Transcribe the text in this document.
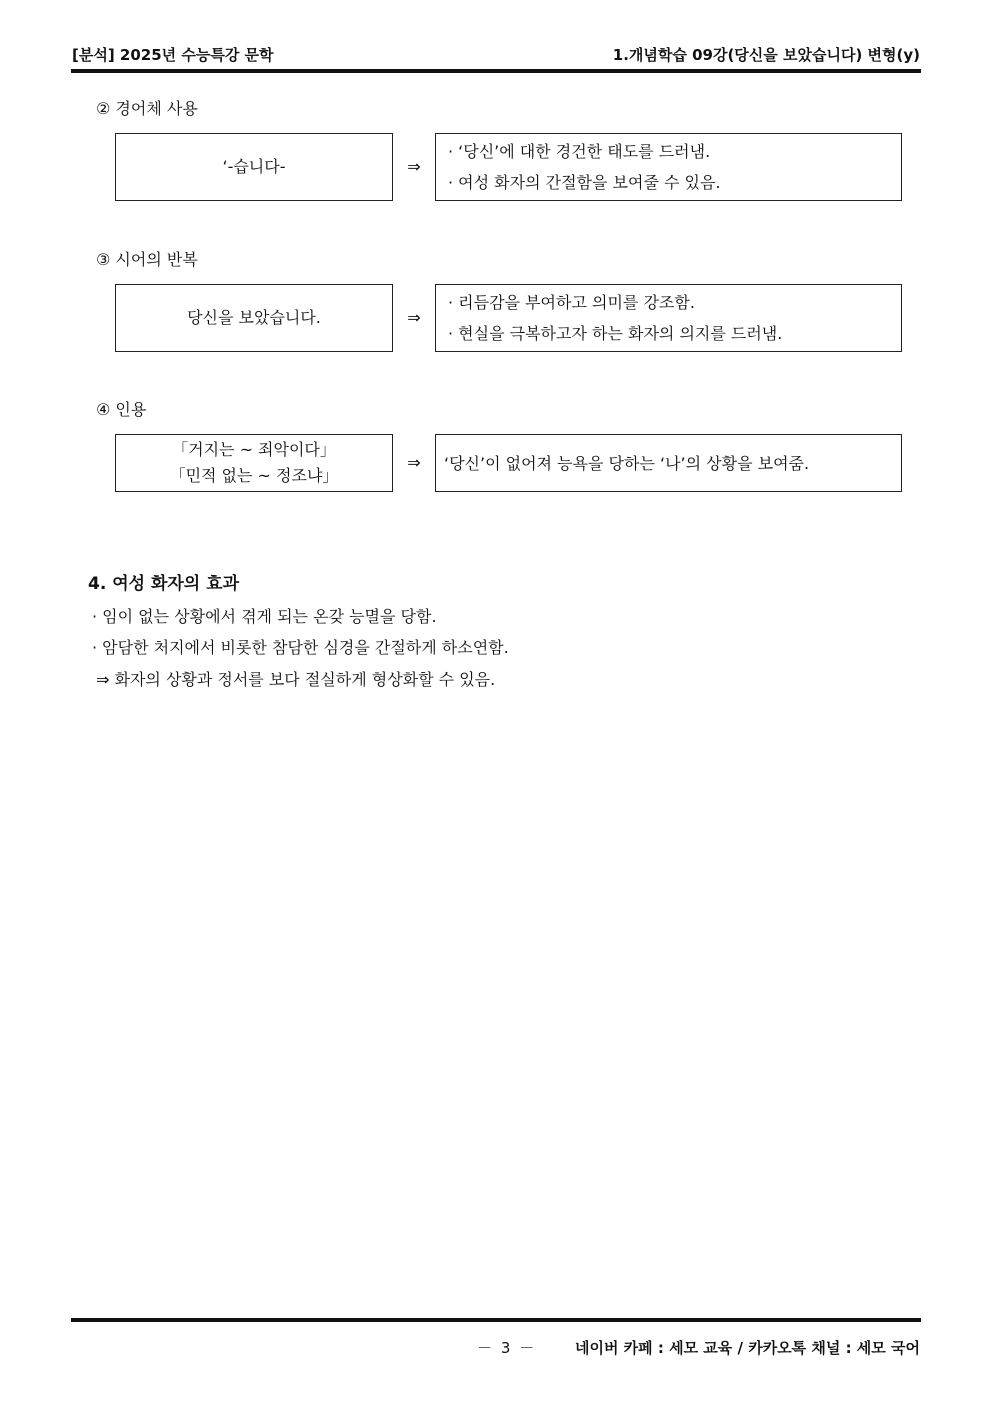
[분석] 2025년 수능특강 문학	1.개념학습 09강(당신을 보았습니다) 변형(y)
② 경어체 사용
‘-습니다-	⇒
· ‘당신’에 대한 경건한 태도를 드러냄.
· 여성 화자의 간절함을 보여줄 수 있음.
③ 시어의 반복
당신을 보았습니다.	⇒
· 리듬감을 부여하고 의미를 강조함.
· 현실을 극복하고자 하는 화자의 의지를 드러냄.
④ 인용
「거지는 ~ 죄악이다」
「민적 없는 ~ 정조냐」
⇒ ‘당신’이 없어져 능욕을 당하는 ‘나’의 상황을 보여줌.
4. 여성 화자의 효과
· 임이 없는 상황에서 겪게 되는 온갖 능멸을 당함.
· 암담한 처지에서 비롯한 참담한 심경을 간절하게 하소연함.
⇒ 화자의 상황과 정서를 보다 절실하게 형상화할 수 있음.
－ 3 －	네이버 카페 : 세모 교육 / 카카오톡 채널 : 세모 국어
